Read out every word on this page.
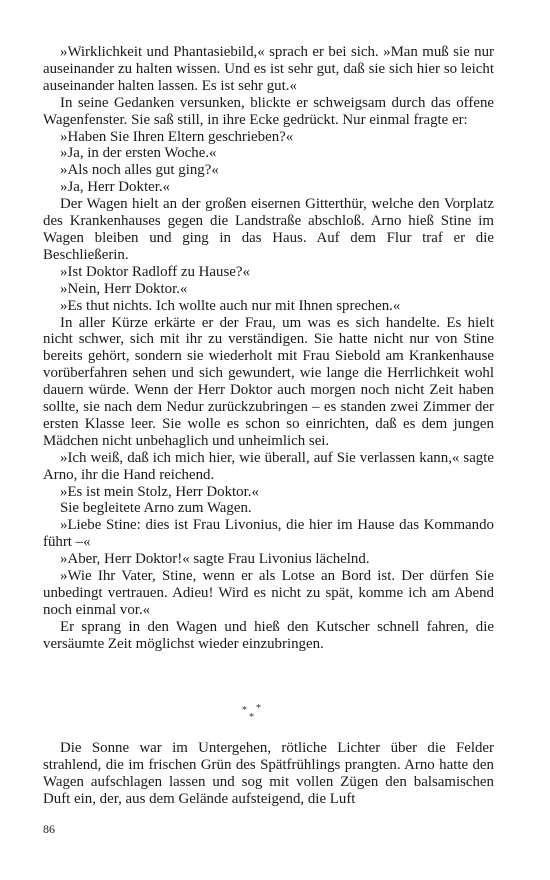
»Wirklichkeit und Phantasiebild,« sprach er bei sich. »Man muß sie nur auseinander zu halten wissen. Und es ist sehr gut, daß sie sich hier so leicht auseinander halten lassen. Es ist sehr gut.«

In seine Gedanken versunken, blickte er schweigsam durch das offene Wagenfenster. Sie saß still, in ihre Ecke gedrückt. Nur einmal fragte er:

»Haben Sie Ihren Eltern geschrieben?«

»Ja, in der ersten Woche.«

»Als noch alles gut ging?«

»Ja, Herr Dokter.«

Der Wagen hielt an der großen eisernen Gitterthür, welche den Vorplatz des Krankenhauses gegen die Landstraße abschloß. Arno hieß Stine im Wagen bleiben und ging in das Haus. Auf dem Flur traf er die Beschließerin.

»Ist Doktor Radloff zu Hause?«

»Nein, Herr Doktor.«

»Es thut nichts. Ich wollte auch nur mit Ihnen sprechen.«

In aller Kürze erkärte er der Frau, um was es sich handelte. Es hielt nicht schwer, sich mit ihr zu verständigen. Sie hatte nicht nur von Stine bereits gehört, sondern sie wiederholt mit Frau Siebold am Krankenhause vorüberfahren sehen und sich gewundert, wie lange die Herrlichkeit wohl dauern würde. Wenn der Herr Doktor auch morgen noch nicht Zeit haben sollte, sie nach dem Nedur zurückzubringen – es standen zwei Zimmer der ersten Klasse leer. Sie wolle es schon so einrichten, daß es dem jungen Mädchen nicht unbehaglich und unheimlich sei.

»Ich weiß, daß ich mich hier, wie überall, auf Sie verlassen kann,« sagte Arno, ihr die Hand reichend.

»Es ist mein Stolz, Herr Doktor.«

Sie begleitete Arno zum Wagen.

»Liebe Stine: dies ist Frau Livonius, die hier im Hause das Kommando führt –«

»Aber, Herr Doktor!« sagte Frau Livonius lächelnd.

»Wie Ihr Vater, Stine, wenn er als Lotse an Bord ist. Der dürfen Sie unbedingt vertrauen. Adieu! Wird es nicht zu spät, komme ich am Abend noch einmal vor.«

Er sprang in den Wagen und hieß den Kutscher schnell fahren, die versäumte Zeit möglichst wieder einzubringen.

* *
*

Die Sonne war im Untergehen, rötliche Lichter über die Felder strahlend, die im frischen Grün des Spätfrühlings prangten. Arno hatte den Wagen aufschlagen lassen und sog mit vollen Zügen den balsamischen Duft ein, der, aus dem Gelände aufsteigend, die Luft

86
